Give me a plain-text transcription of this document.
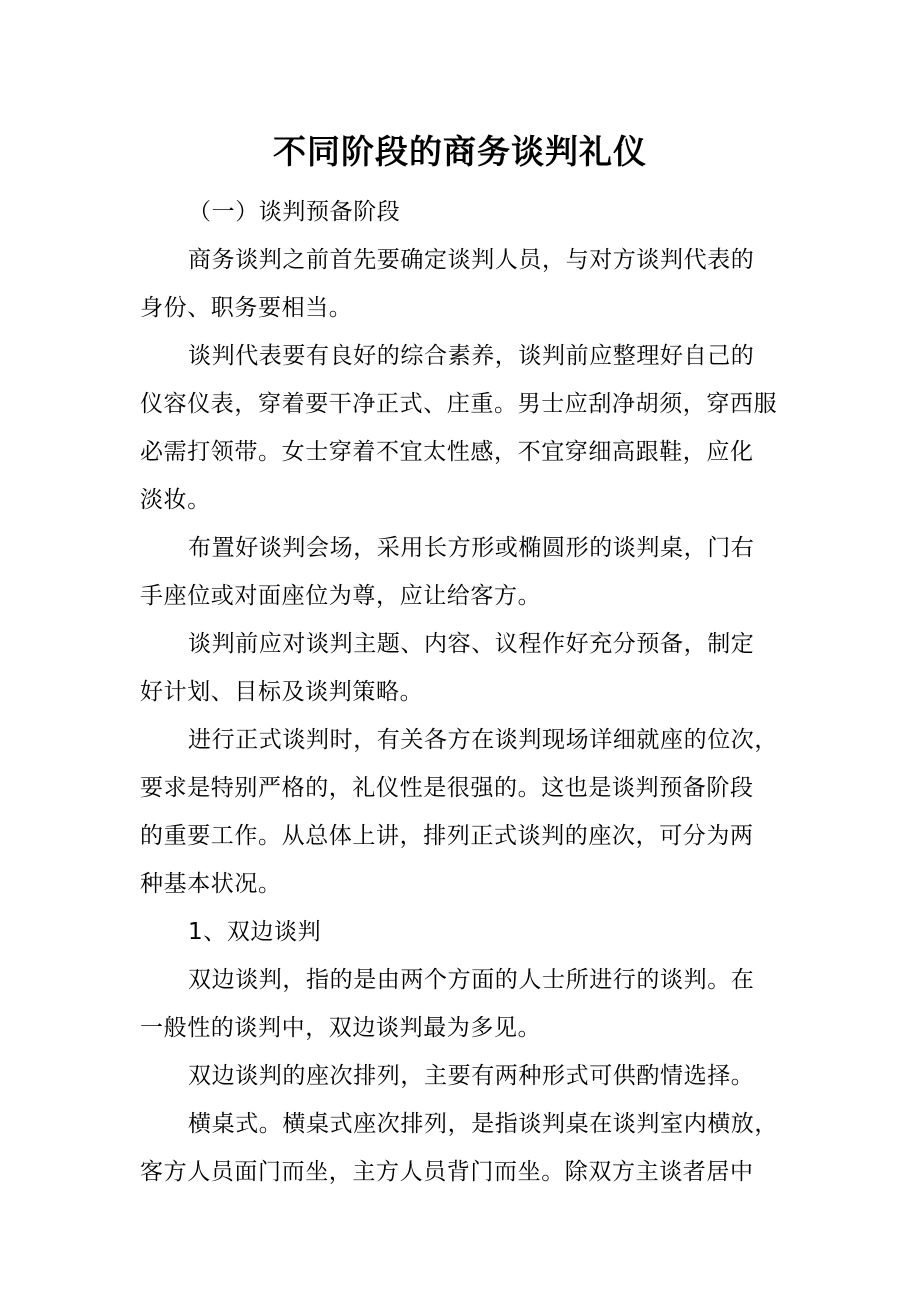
不同阶段的商务谈判礼仪
（一）谈判预备阶段
商务谈判之前首先要确定谈判人员，与对方谈判代表的
身份、职务要相当。
谈判代表要有良好的综合素养，谈判前应整理好自己的
仪容仪表，穿着要干净正式、庄重。男士应刮净胡须，穿西服
必需打领带。女士穿着不宜太性感，不宜穿细高跟鞋，应化
淡妆。
布置好谈判会场，采用长方形或椭圆形的谈判桌，门右
手座位或对面座位为尊，应让给客方。
谈判前应对谈判主题、内容、议程作好充分预备，制定
好计划、目标及谈判策略。
进行正式谈判时，有关各方在谈判现场详细就座的位次，
要求是特别严格的，礼仪性是很强的。这也是谈判预备阶段
的重要工作。从总体上讲，排列正式谈判的座次，可分为两
种基本状况。
1、双边谈判
双边谈判，指的是由两个方面的人士所进行的谈判。在
一般性的谈判中，双边谈判最为多见。
双边谈判的座次排列，主要有两种形式可供酌情选择。
横桌式。横桌式座次排列，是指谈判桌在谈判室内横放，
客方人员面门而坐，主方人员背门而坐。除双方主谈者居中
